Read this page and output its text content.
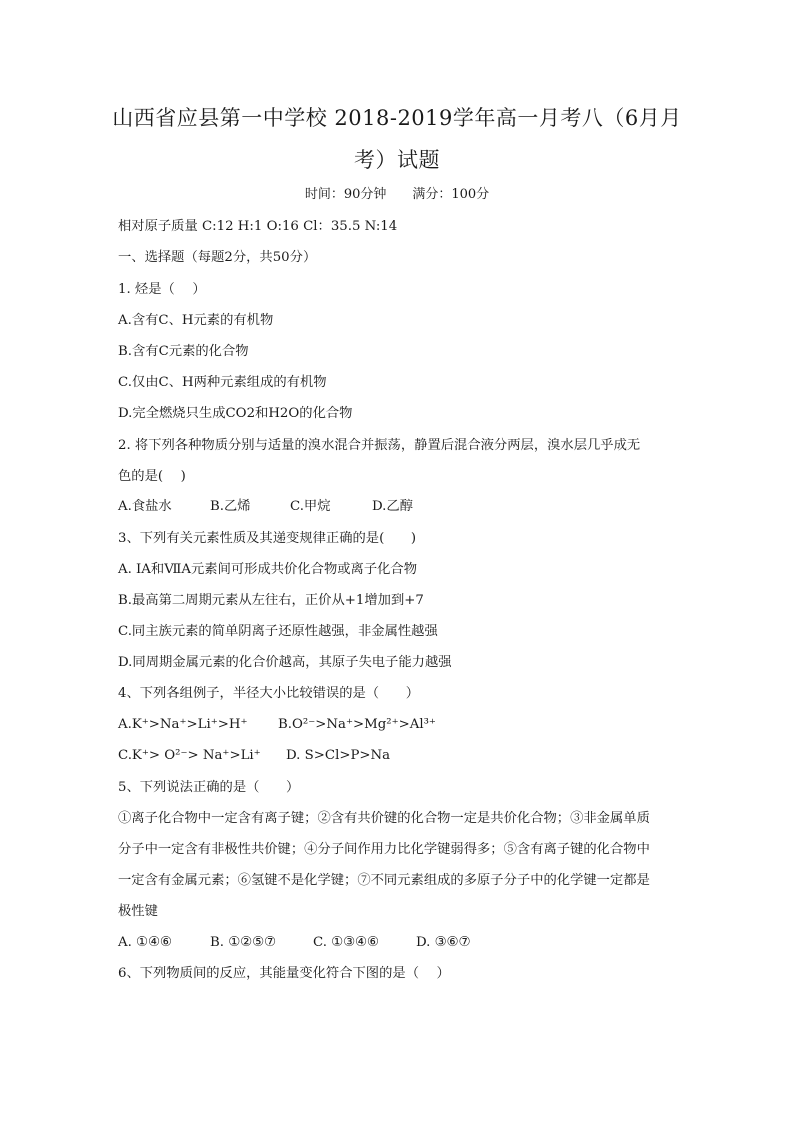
山西省应县第一中学校 2018-2019学年高一月考八（6月月
考）试题

时间：90分钟 满分：100分

相对原子质量 C:12 H:1 O:16 Cl：35.5 N:14

一、选择题（每题2分，共50分）

1. 烃是（　 ）

A.含有C、H元素的有机物

B.含有C元素的化合物

C.仅由C、H两种元素组成的有机物

D.完全燃烧只生成CO2和H2O的化合物

2. 将下列各种物质分别与适量的溴水混合并振荡，静置后混合液分两层，溴水层几乎成无

色的是(　 )

A.食盐水	B.乙烯	C.甲烷	D.乙醇

3、下列有关元素性质及其递变规律正确的是(　　)

A. ⅠA和ⅦA元素间可形成共价化合物或离子化合物

B.最高第二周期元素从左往右，正价从+1增加到+7

C.同主族元素的简单阴离子还原性越强，非金属性越强

D.同周期金属元素的化合价越高，其原子失电子能力越强

4、下列各组例子，半径大小比较错误的是（　　）

A.K⁺>Na⁺>Li⁺>H⁺ B.O²⁻>Na⁺>Mg²⁺>Al³⁺

C.K⁺> O²⁻> Na⁺>Li⁺ D. S>Cl>P>Na

5、下列说法正确的是（　　）

①离子化合物中一定含有离子键；②含有共价键的化合物一定是共价化合物；③非金属单质

分子中一定含有非极性共价键；④分子间作用力比化学键弱得多；⑤含有离子键的化合物中

一定含有金属元素；⑥氢键不是化学键；⑦不同元素组成的多原子分子中的化学键一定都是

极性键

A. ①④⑥	B. ①②⑤⑦	C. ①③④⑥	D. ③⑥⑦

6、下列物质间的反应，其能量变化符合下图的是（　 ）
